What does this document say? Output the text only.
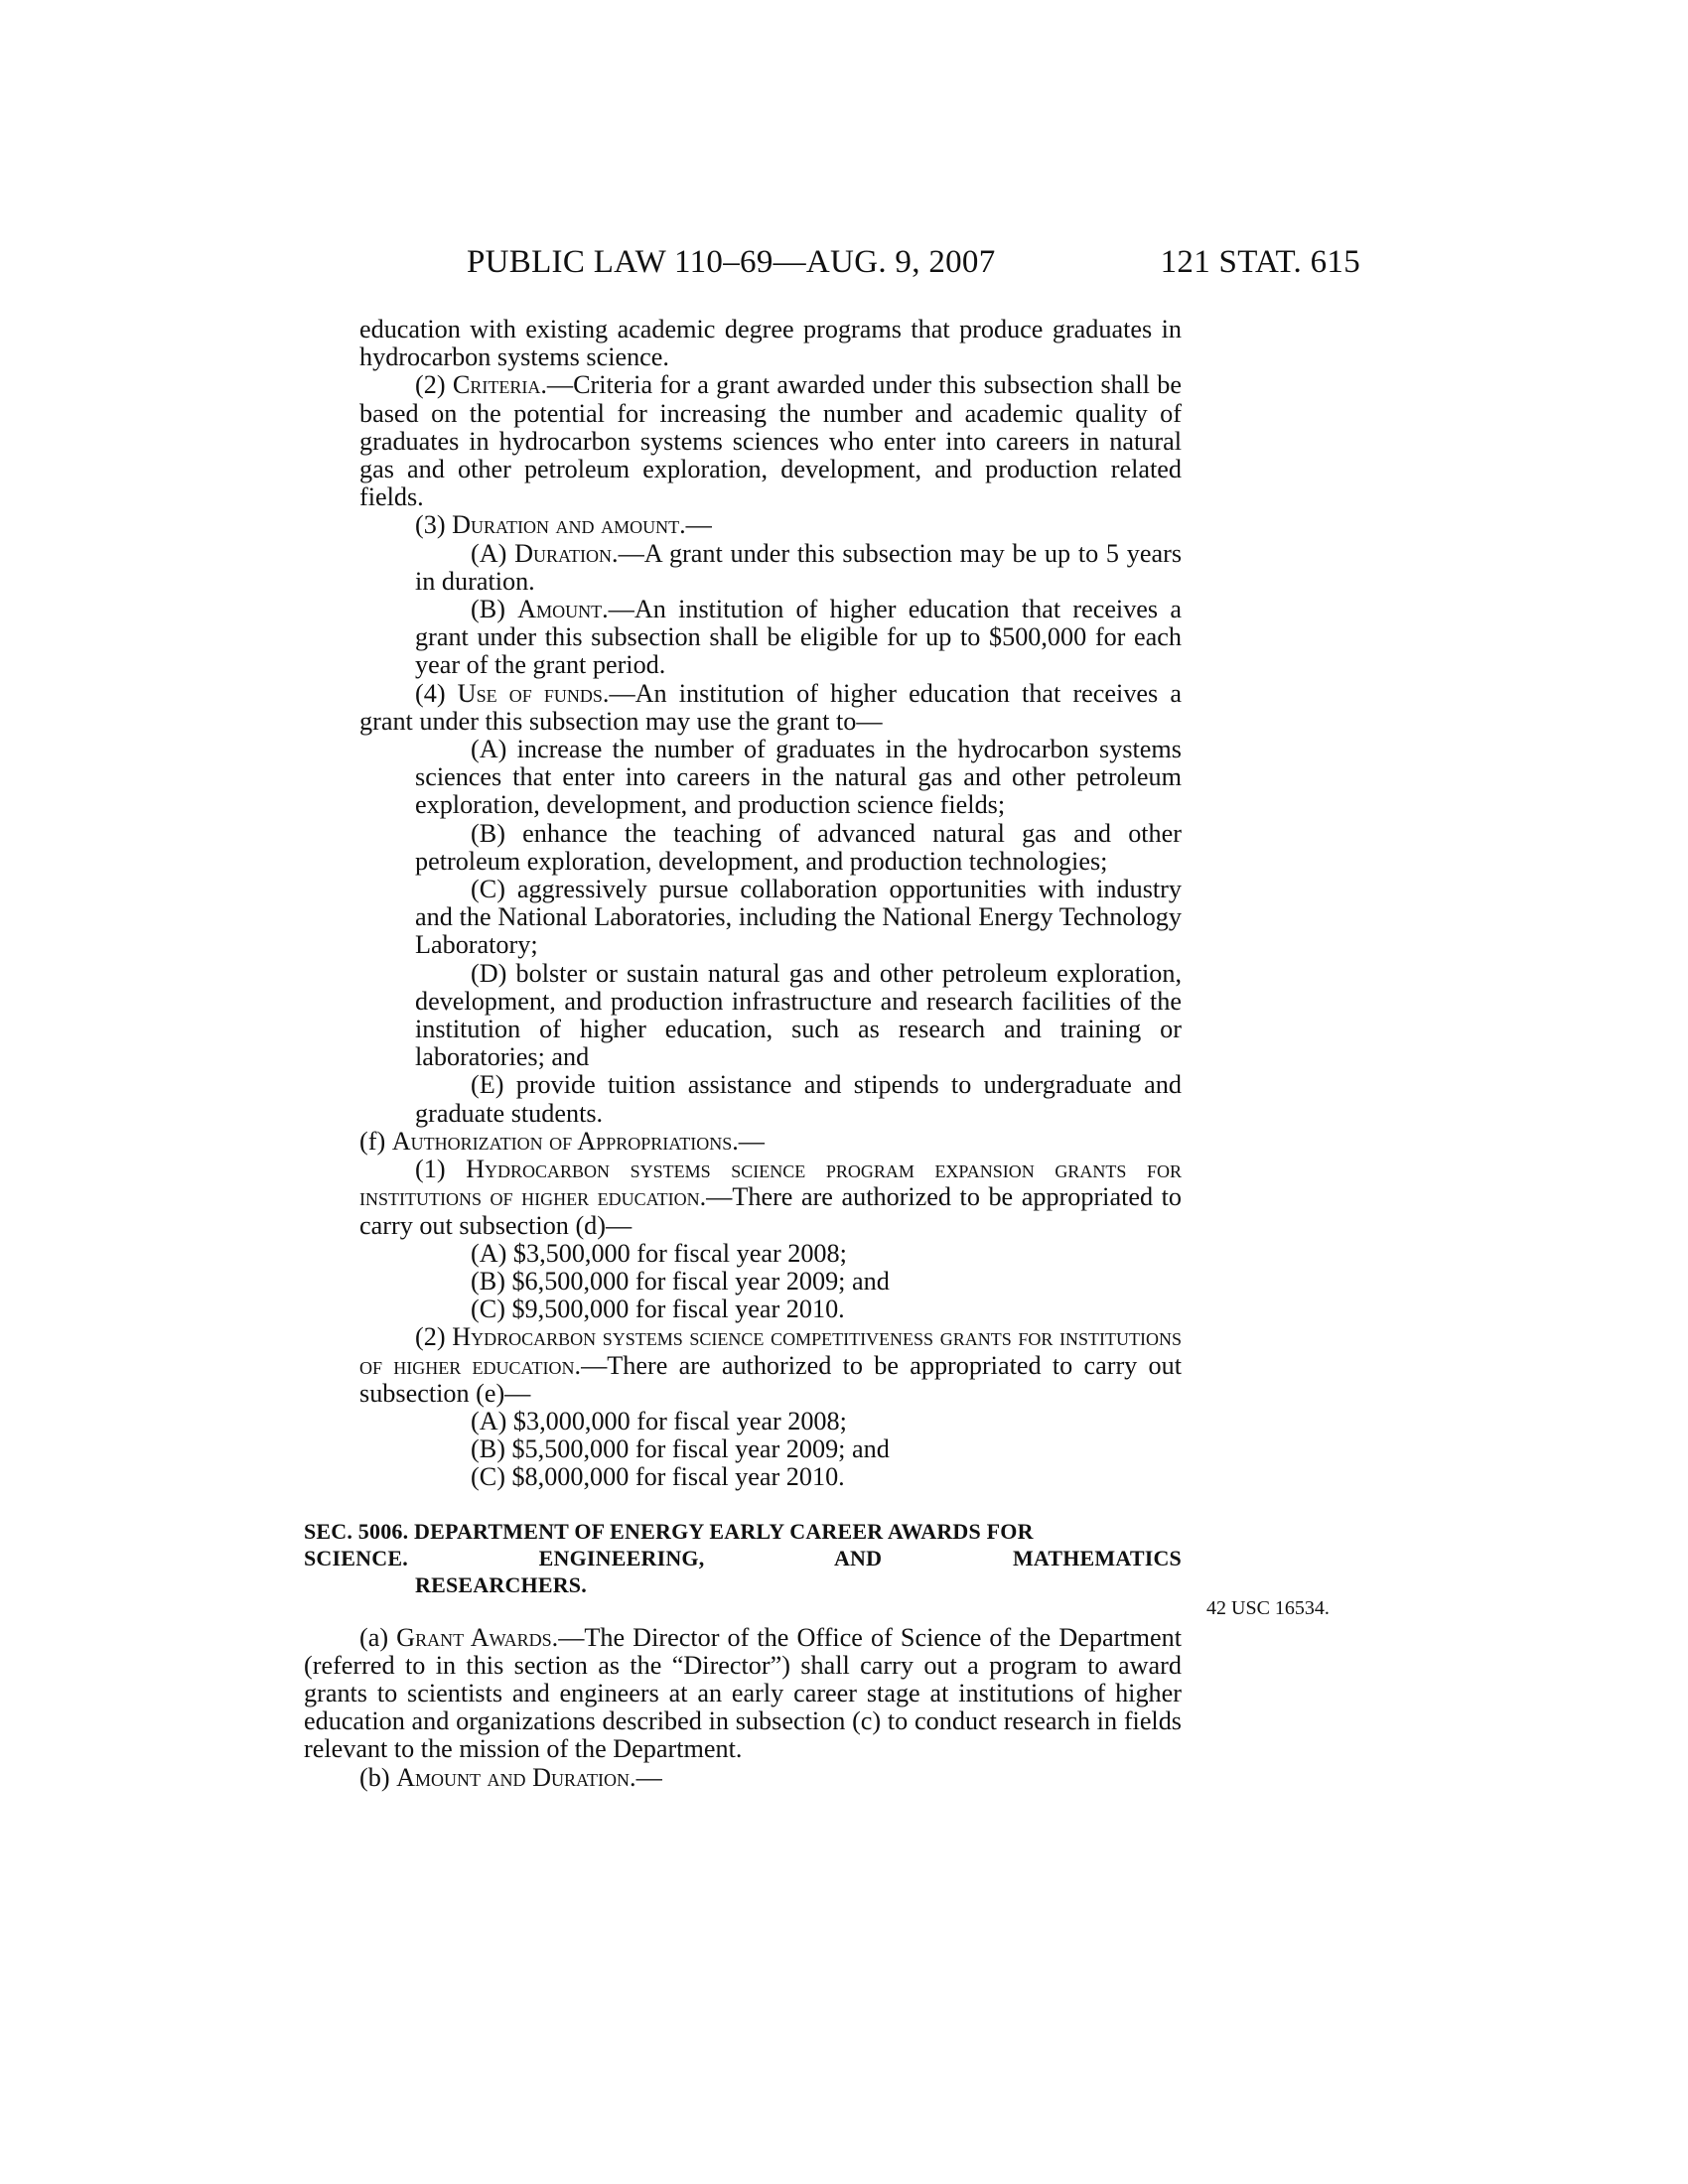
PUBLIC LAW 110–69—AUG. 9, 2007	121 STAT. 615

education with existing academic degree programs that produce graduates in hydrocarbon systems science.

(2) Criteria.—Criteria for a grant awarded under this subsection shall be based on the potential for increasing the number and academic quality of graduates in hydrocarbon systems sciences who enter into careers in natural gas and other petroleum exploration, development, and production related fields.

(3) Duration and amount.—

(A) Duration.—A grant under this subsection may be up to 5 years in duration.

(B) Amount.—An institution of higher education that receives a grant under this subsection shall be eligible for up to $500,000 for each year of the grant period.

(4) Use of funds.—An institution of higher education that receives a grant under this subsection may use the grant to—

(A) increase the number of graduates in the hydrocarbon systems sciences that enter into careers in the natural gas and other petroleum exploration, development, and production science fields;

(B) enhance the teaching of advanced natural gas and other petroleum exploration, development, and production technologies;

(C) aggressively pursue collaboration opportunities with industry and the National Laboratories, including the National Energy Technology Laboratory;

(D) bolster or sustain natural gas and other petroleum exploration, development, and production infrastructure and research facilities of the institution of higher education, such as research and training or laboratories; and

(E) provide tuition assistance and stipends to undergraduate and graduate students.

(f) Authorization of Appropriations.—

(1) Hydrocarbon systems science program expansion grants for institutions of higher education.—There are authorized to be appropriated to carry out subsection (d)—

(A) $3,500,000 for fiscal year 2008;

(B) $6,500,000 for fiscal year 2009; and

(C) $9,500,000 for fiscal year 2010.

(2) Hydrocarbon systems science competitiveness grants for institutions of higher education.—There are authorized to be appropriated to carry out subsection (e)—

(A) $3,000,000 for fiscal year 2008;

(B) $5,500,000 for fiscal year 2009; and

(C) $8,000,000 for fiscal year 2010.

SEC. 5006. DEPARTMENT OF ENERGY EARLY CAREER AWARDS FOR
SCIENCE. ENGINEERING, AND MATHEMATICS
RESEARCHERS.

(a) Grant Awards.—The Director of the Office of Science of the Department (referred to in this section as the “Director”) shall carry out a program to award grants to scientists and engineers at an early career stage at institutions of higher education and organizations described in subsection (c) to conduct research in fields relevant to the mission of the Department.

(b) Amount and Duration.—

42 USC 16534.
